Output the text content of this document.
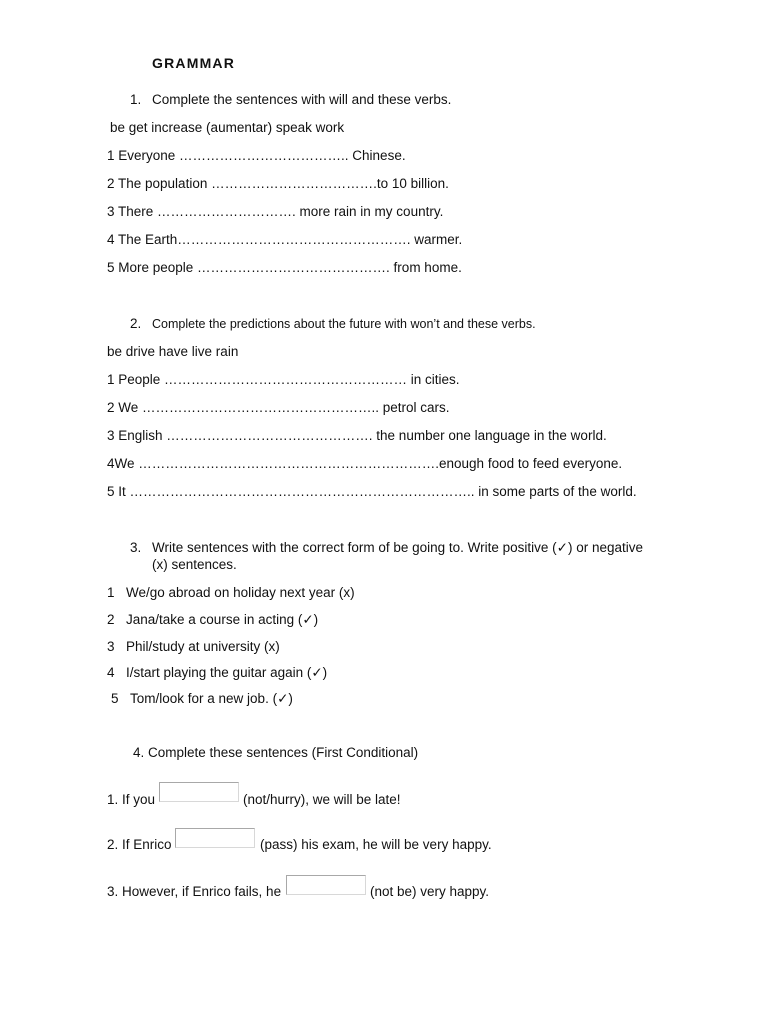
GRAMMAR
1. Complete the sentences with will and these verbs.
be get increase (aumentar) speak work
1 Everyone ……………………………….. Chinese.
2 The population ……………………………….to 10 billion.
3 There …………………………. more rain in my country.
4 The Earth……………………………………………. warmer.
5 More people ……………………………………. from home.
2. Complete the predictions about the future with won’t and these verbs.
be drive have live rain
1 People ……………………………………………… in cities.
2 We …………………………………………….. petrol cars.
3 English ………………………………………. the number one language in the world.
4We ………………………………………………………….enough food to feed everyone.
5 It ………………………………………………………………….. in some parts of the world.
3. Write sentences with the correct form of be going to. Write positive (✓) or negative
(x) sentences.
1 We/go abroad on holiday next year (x)
2 Jana/take a course in acting (✓)
3 Phil/study at university (x)
4 I/start playing the guitar again (✓)
5 Tom/look for a new job. (✓)
4. Complete these sentences (First Conditional)
1. If you	(not/hurry), we will be late!
2. If Enrico	(pass) his exam, he will be very happy.
3. However, if Enrico fails, he	(not be) very happy.
